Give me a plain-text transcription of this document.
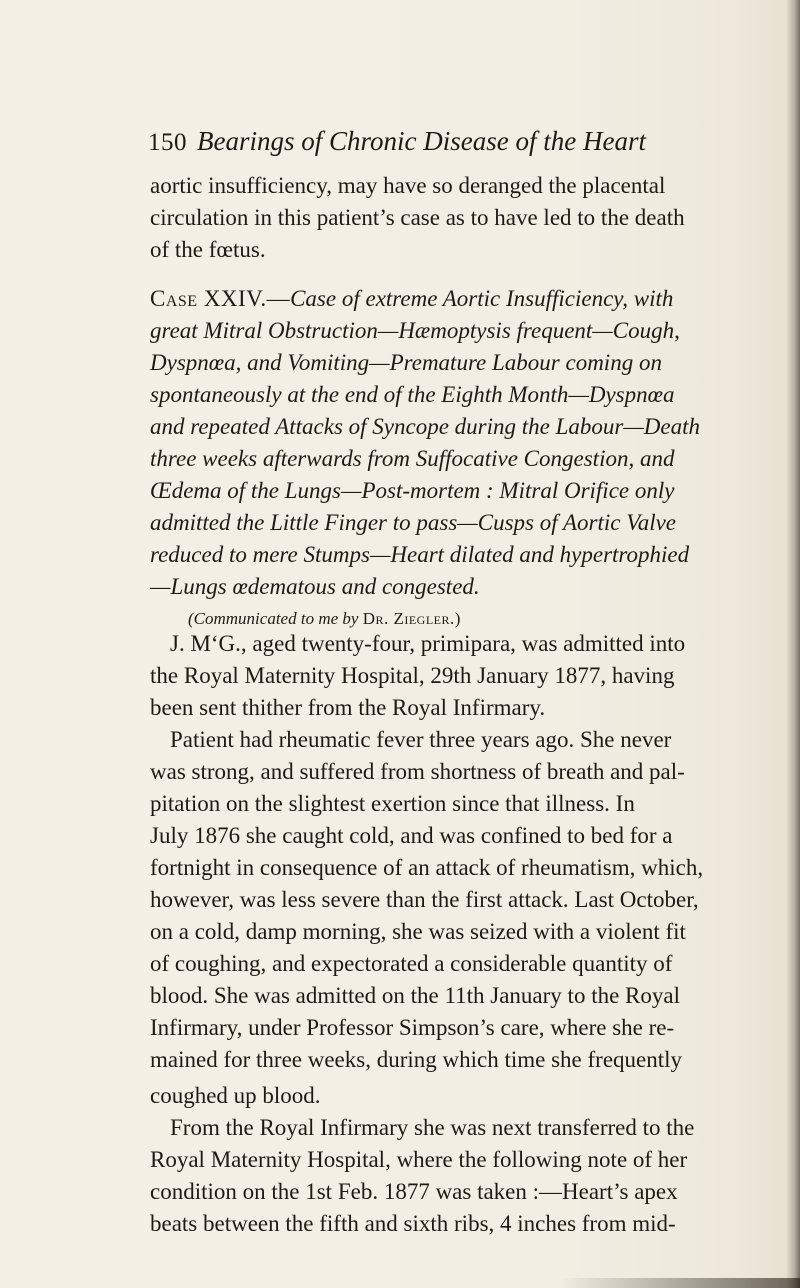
150 Bearings of Chronic Disease of the Heart
aortic insufficiency, may have so deranged the placental
circulation in this patient’s case as to have led to the death
of the fœtus.
Case XXIV.—Case of extreme Aortic Insufficiency, with
great Mitral Obstruction—Hæmoptysis frequent—Cough,
Dyspnœa, and Vomiting—Premature Labour coming on
spontaneously at the end of the Eighth Month—Dyspnœa
and repeated Attacks of Syncope during the Labour—Death
three weeks afterwards from Suffocative Congestion, and
Œdema of the Lungs—Post-mortem : Mitral Orifice only
admitted the Little Finger to pass—Cusps of Aortic Valve
reduced to mere Stumps—Heart dilated and hypertrophied
—Lungs œdematous and congested.
(Communicated to me by Dr. Ziegler.)
J. M‘G., aged twenty-four, primipara, was admitted into
the Royal Maternity Hospital, 29th January 1877, having
been sent thither from the Royal Infirmary.
Patient had rheumatic fever three years ago. She never
was strong, and suffered from shortness of breath and pal-
pitation on the slightest exertion since that illness. In
July 1876 she caught cold, and was confined to bed for a
fortnight in consequence of an attack of rheumatism, which,
however, was less severe than the first attack. Last October,
on a cold, damp morning, she was seized with a violent fit
of coughing, and expectorated a considerable quantity of
blood. She was admitted on the 11th January to the Royal
Infirmary, under Professor Simpson’s care, where she re-
mained for three weeks, during which time she frequently
coughed up blood.
From the Royal Infirmary she was next transferred to the
Royal Maternity Hospital, where the following note of her
condition on the 1st Feb. 1877 was taken :—Heart’s apex
beats between the fifth and sixth ribs, 4 inches from mid-
